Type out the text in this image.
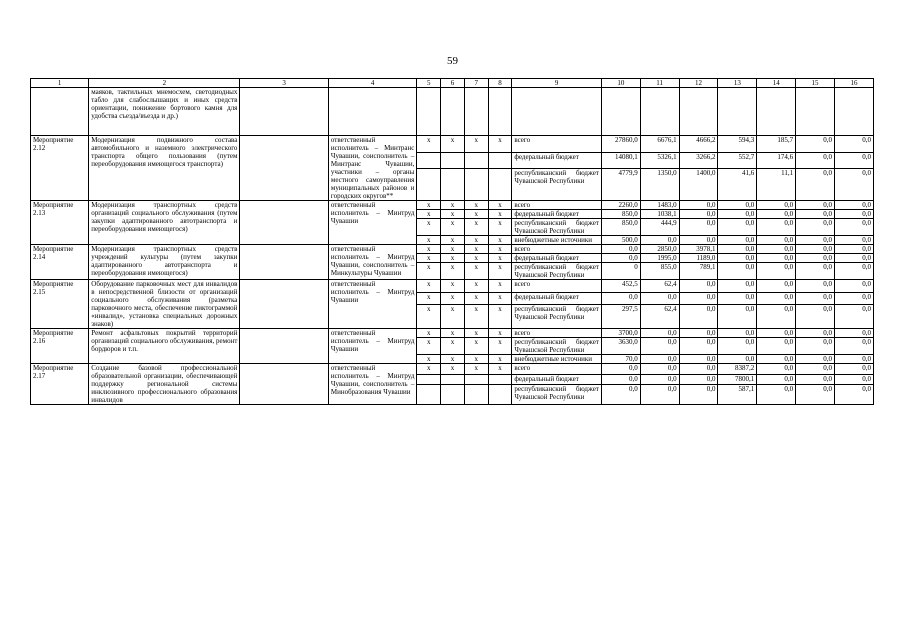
59
1	2	3	4	5	6	7	8	9	10	11	12	13	14	15	16
	маяков, тактильных мнемосхем, светодиодных табло для слабослышащих и иных средств ориентации, понижение бортового камня для удобства съезда/въезда и др.)														
Мероприятие 2.12	Модернизация подвижного состава автомобильного и наземного электрического транспорта общего пользования (путем переоборудования имеющегося транспорта)		ответственный исполнитель – Минтранс Чувашии, соисполнитель – Минтранс Чувашии, участники – органы местного самоуправления муниципальных районов и городских округов**	x	x	x	x	всего	27860,0	6676,1	4666,2	594,3	185,7	0,0	0,0
								федеральный бюджет	14080,1	5326,1	3266,2	552,7	174,6	0,0	0,0
								республиканский бюджет Чувашской Республики	4779,9	1350,0	1400,0	41,6	11,1	0,0	0,0
Мероприятие 2.13	Модернизация транспортных средств организаций социального обслуживания (путем закупки адаптированного автотранспорта и переоборудования имеющегося)		ответственный исполнитель – Минтруд Чувашии	x	x	x	x	всего	2260,0	1483,0	0,0	0,0	0,0	0,0	0,0
				x	x	x	x	федеральный бюджет	850,0	1038,1	0,0	0,0	0,0	0,0	0,0
				x	x	x	x	республиканский бюджет Чувашской Республики	850,0	444,9	0,0	0,0	0,0	0,0	0,0
				x	x	x	x	внебюджетные источники	500,0	0,0	0,0	0,0	0,0	0,0	0,0
Мероприятие 2.14	Модернизация транспортных средств учреждений культуры (путем закупки адаптированного автотранспорта и переоборудования имеющегося)		ответственный исполнитель – Минтруд Чувашии, соисполнитель – Минкультуры Чувашии	x	x	x	x	всего	0,0	2850,0	3978,1	0,0	0,0	0,0	0,0
				x	x	x	x	федеральный бюджет	0,0	1995,0	1189,0	0,0	0,0	0,0	0,0
				x	x	x	x	республиканский бюджет Чувашской Республики	0	855,0	789,1	0,0	0,0	0,0	0,0
Мероприятие 2.15	Оборудование парковочных мест для инвалидов в непосредственной близости от организаций социального обслуживания (разметка парковочного места, обеспечение пиктограммой «инвалид», установка специальных дорожных знаков)		ответственный исполнитель – Минтруд Чувашии	x	x	x	x	всего	452,5	62,4	0,0	0,0	0,0	0,0	0,0
				x	x	x	x	федеральный бюджет	0,0	0,0	0,0	0,0	0,0	0,0	0,0
				x	x	x	x	республиканский бюджет Чувашской Республики	297,5	62,4	0,0	0,0	0,0	0,0	0,0
Мероприятие 2.16	Ремонт асфальтовых покрытий территорий организаций социального обслуживания, ремонт бордюров и т.п.		ответственный исполнитель – Минтруд Чувашии	x	x	x	x	всего	3700,0	0,0	0,0	0,0	0,0	0,0	0,0
				x	x	x	x	республиканский бюджет Чувашской Республики	3630,0	0,0	0,0	0,0	0,0	0,0	0,0
				x	x	x	x	внебюджетные источники	70,0	0,0	0,0	0,0	0,0	0,0	0,0
Мероприятие 2.17	Создание базовой профессиональной образовательной организации, обеспечивающей поддержку региональной системы инклюзивного профессионального образования инвалидов		ответственный исполнитель – Минтруд Чувашии, соисполнитель – Минобразования Чувашии	x	x	x	x	всего	0,0	0,0	0,0	8387,2	0,0	0,0	0,0
								федеральный бюджет	0,0	0,0	0,0	7800,1	0,0	0,0	0,0
								республиканский бюджет Чувашской Республики	0,0	0,0	0,0	587,1	0,0	0,0	0,0
